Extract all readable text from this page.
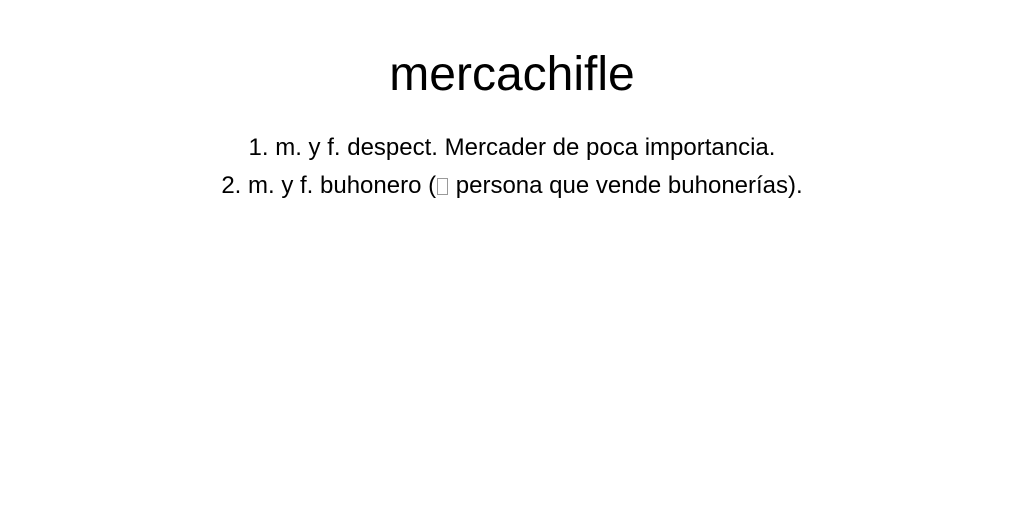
mercachifle
1. m. y f. despect. Mercader de poca importancia.
2. m. y f. buhonero ( persona que vende buhonerías).
